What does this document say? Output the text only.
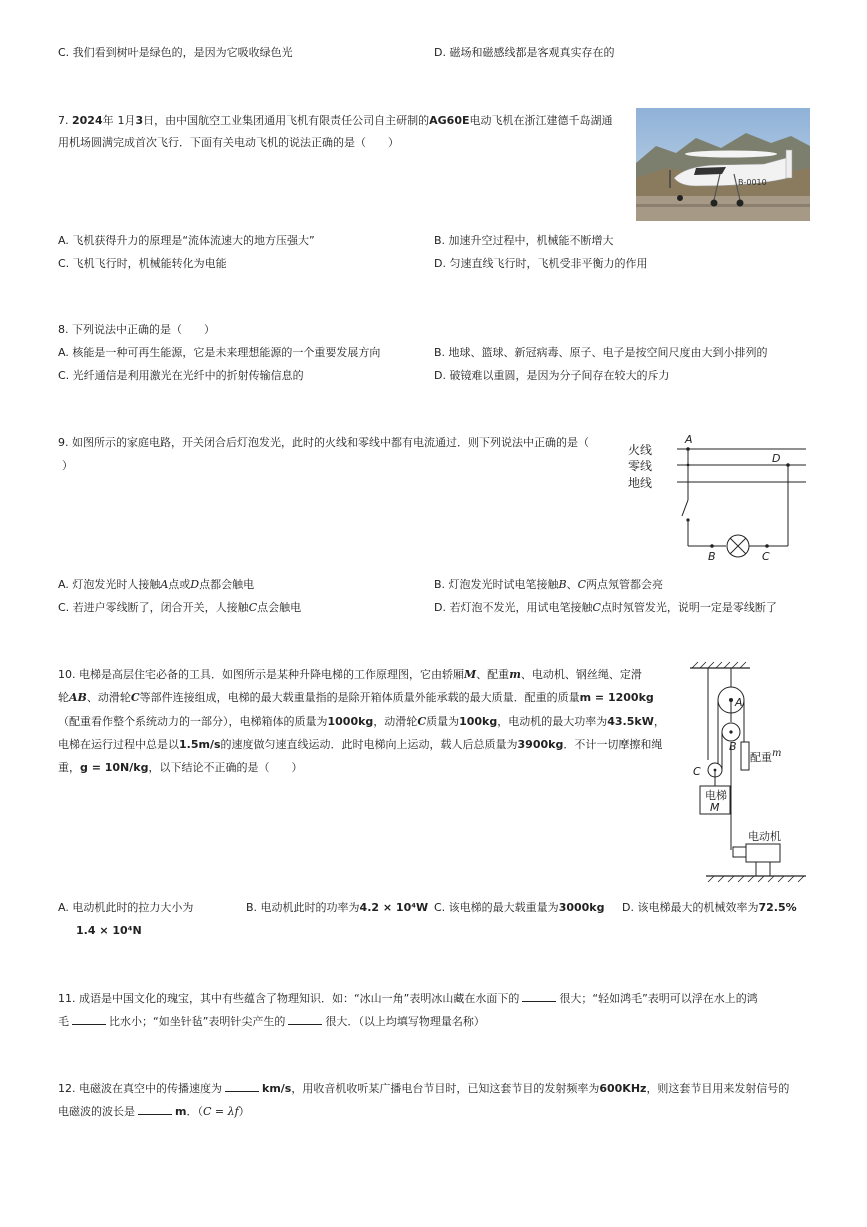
C. 我们看到树叶是绿色的，是因为它吸收绿色光	D. 磁场和磁感线都是客观真实存在的
7. 2024年 1月3日，由中国航空工业集团通用飞机有限责任公司自主研制的AG60E电动飞机在浙江建德千岛湖通
用机场圆满完成首次飞行．下面有关电动飞机的说法正确的是（　　）
B-0010
A. 飞机获得升力的原理是“流体流速大的地方压强大”	B. 加速升空过程中，机械能不断增大
C. 飞机飞行时，机械能转化为电能	D. 匀速直线飞行时，飞机受非平衡力的作用
8. 下列说法中正确的是（　　）
A. 核能是一种可再生能源，它是未来理想能源的一个重要发展方向	B. 地球、篮球、新冠病毒、原子、电子是按空间尺度由大到小排列的
C. 光纤通信是利用激光在光纤中的折射传输信息的	D. 破镜难以重圆，是因为分子间存在较大的斥力
9. 如图所示的家庭电路，开关闭合后灯泡发光，此时的火线和零线中都有电流通过．则下列说法中正确的是（
）
火线
零线
地线
A
D
B	C
A. 灯泡发光时人接触A点或D点都会触电	B. 灯泡发光时试电笔接触B、C两点氖管都会亮
C. 若进户零线断了，闭合开关，人接触C点会触电	D. 若灯泡不发光，用试电笔接触C点时氖管发光，说明一定是零线断了
10. 电梯是高层住宅必备的工具．如图所示是某种升降电梯的工作原理图，它由轿厢M、配重m、电动机、钢丝绳、定滑
轮AB、动滑轮C等部件连接组成，电梯的最大载重量指的是除开箱体质量外能承载的最大质量．配重的质量m = 1200kg
（配重看作整个系统动力的一部分），电梯箱体的质量为1000kg，动滑轮C质量为100kg，电动机的最大功率为43.5kW，
电梯在运行过程中总是以1.5m/s的速度做匀速直线运动．此时电梯向上运动，载人后总质量为3900kg．不计一切摩擦和绳
重，g = 10N/kg，以下结论不正确的是（　　）
A
B
配重m
C
电梯
M
电动机
A. 电动机此时的拉力大小为
1.4 × 10⁴N
B. 电动机此时的功率为4.2 × 10⁴W C. 该电梯的最大载重量为3000kg D. 该电梯最大的机械效率为72.5%
11. 成语是中国文化的瑰宝，其中有些蕴含了物理知识．如：“冰山一角”表明冰山藏在水面下的	很大；“轻如鸿毛”表明可以浮在水上的鸿
毛	比水小；“如坐针毡”表明针尖产生的	很大．（以上均填写物理量名称）
12. 电磁波在真空中的传播速度为	km/s，用收音机收听某广播电台节目时，已知这套节目的发射频率为600KHz，则这套节目用来发射信号的
电磁波的波长是	m．（C = λf）
